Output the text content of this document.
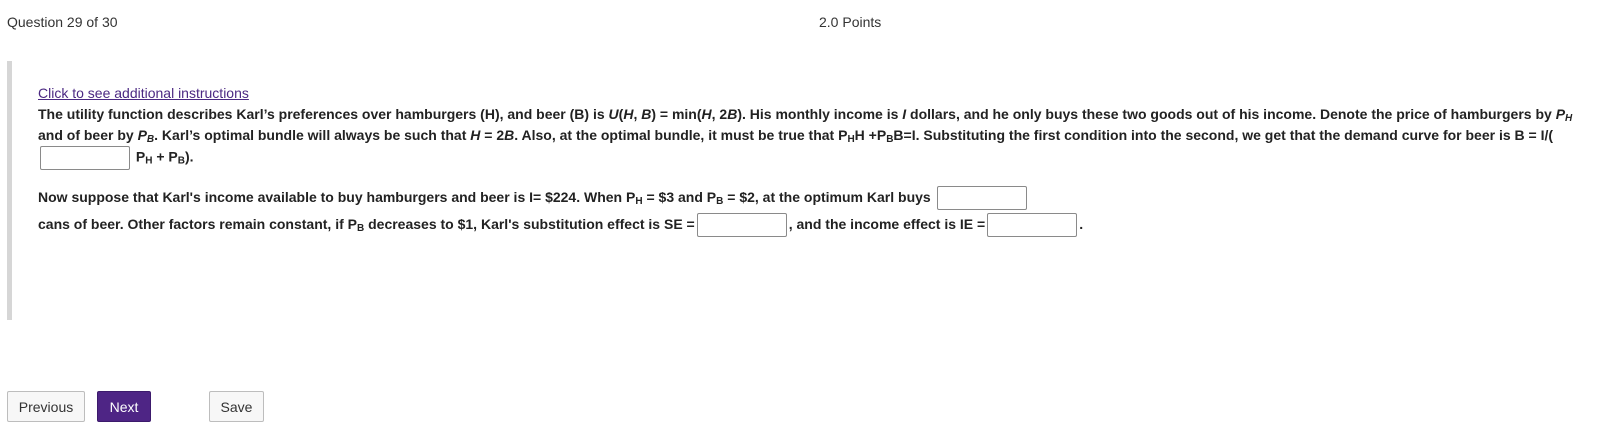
Question 29 of 30	2.0 Points
Click to see additional instructions

The utility function describes Karl’s preferences over hamburgers (H), and beer (B) is U(H, B) = min(H, 2B). His monthly income is I dollars, and he only buys these two goods out of his income. Denote the price of hamburgers by $P_H$ and of beer by $P_B$. Karl’s optimal bundle will always be such that H = 2B. Also, at the optimal bundle, it must be true that $P_HH +P_BB=I$. Substituting the first condition into the second, we get that the demand curve for beer is B = I/(
$P_H + P_B$).

Now suppose that Karl's income available to buy hamburgers and beer is I= $224. When $P_H$ = $3 and $P_B$ = $2, at the optimum Karl buys
cans of beer. Other factors remain constant, if $P_B$ decreases to $1, Karl's substitution effect is SE =	, and the income effect is IE =	.

Previous	Next	Save
